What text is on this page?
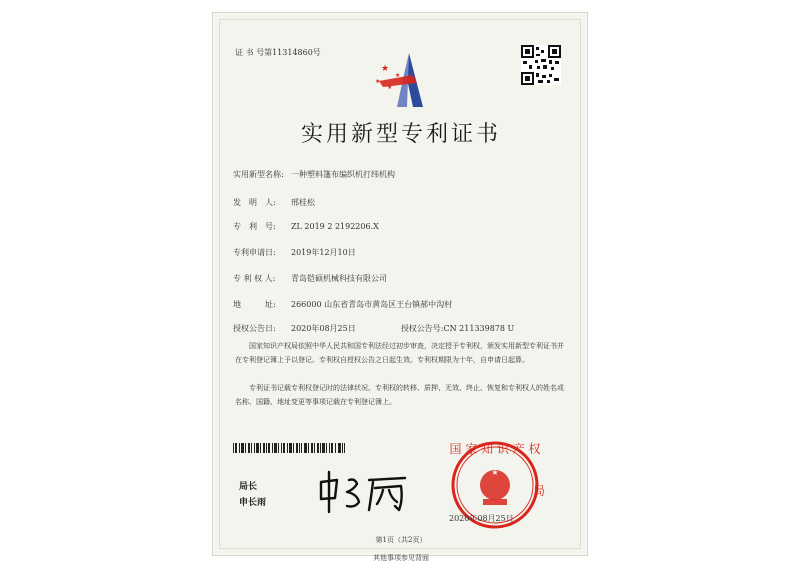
证 书 号第11314860号
★
★
★
★
实用新型专利证书
实用新型名称: 一种塑料篷布编织机打纬机构
发　明　人: 邢桂松
专　利　号: ZL 2019 2 2192206.X
专利申请日: 2019年12月10日
专 利 权 人: 青岛铠硕机械科技有限公司
地　　　址: 266000 山东省青岛市黄岛区王台镇郝中沟村
授权公告日: 2020年08月25日	授权公告号:CN 211339878 U
国家知识产权局依照中华人民共和国专利法经过初步审查，决定授予专利权，颁发实用新型专利证书并在专利登记簿上予以登记。专利权自授权公告之日起生效。专利权期限为十年，自申请日起算。
专利证书记载专利权登记时的法律状况。专利权的转移、质押、无效、终止、恢复和专利权人的姓名或名称、国籍、地址变更等事项记载在专利登记簿上。
局长
申长雨
国 家 知 识 产 权
局
★
2020年08月25日
第1页（共2页）
其他事项参见背面
